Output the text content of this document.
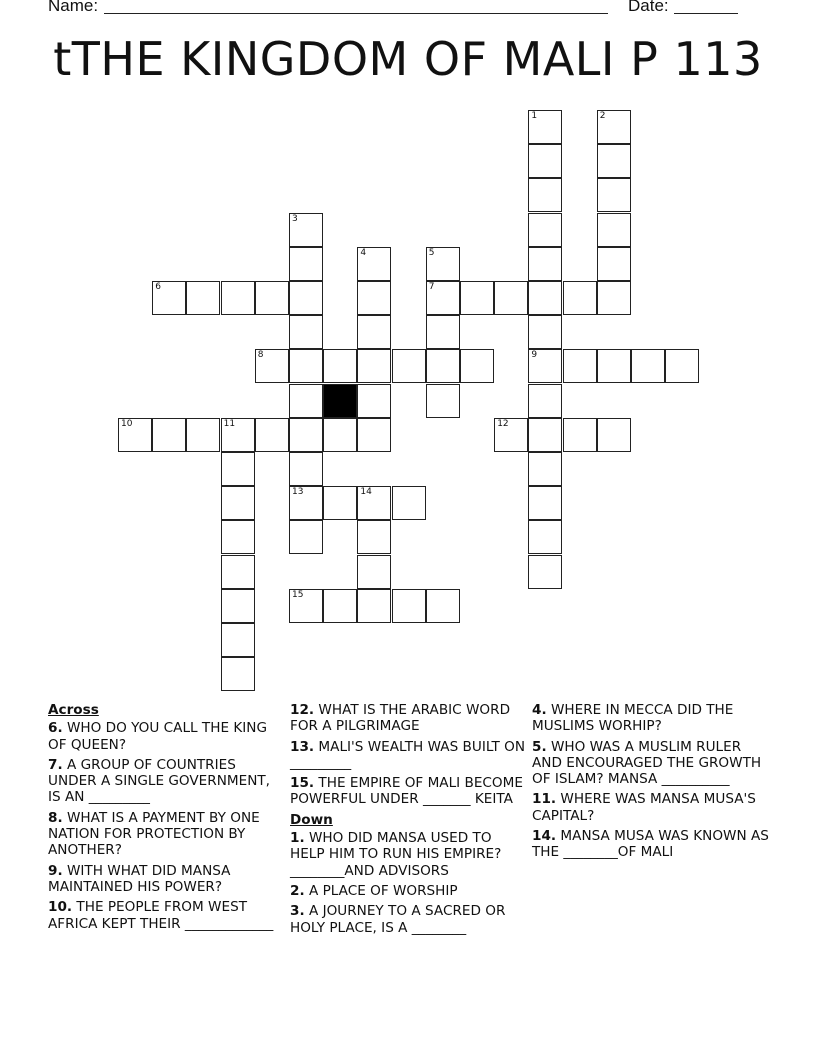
Name:	Date:
tTHE KINGDOM OF MALI P 113
6	7
8	9
10	11	12
13	14
15
1	2
3
4	5
Across
6. WHO DO YOU CALL THE KING OF QUEEN?
7. A GROUP OF COUNTRIES UNDER A SINGLE GOVERNMENT, IS AN _________
8. WHAT IS A PAYMENT BY ONE NATION FOR PROTECTION BY ANOTHER?
9. WITH WHAT DID MANSA MAINTAINED HIS POWER?
10. THE PEOPLE FROM WEST AFRICA KEPT THEIR _____________
12. WHAT IS THE ARABIC WORD FOR A PILGRIMAGE
13. MALI'S WEALTH WAS BUILT ON _________
15. THE EMPIRE OF MALI BECOME POWERFUL UNDER _______ KEITA
Down
1. WHO DID MANSA USED TO HELP HIM TO RUN HIS EMPIRE? ________AND ADVISORS
2. A PLACE OF WORSHIP
3. A JOURNEY TO A SACRED OR HOLY PLACE, IS A ________
4. WHERE IN MECCA DID THE MUSLIMS WORHIP?
5. WHO WAS A MUSLIM RULER AND ENCOURAGED THE GROWTH OF ISLAM? MANSA __________
11. WHERE WAS MANSA MUSA'S CAPITAL?
14. MANSA MUSA WAS KNOWN AS THE ________OF MALI
